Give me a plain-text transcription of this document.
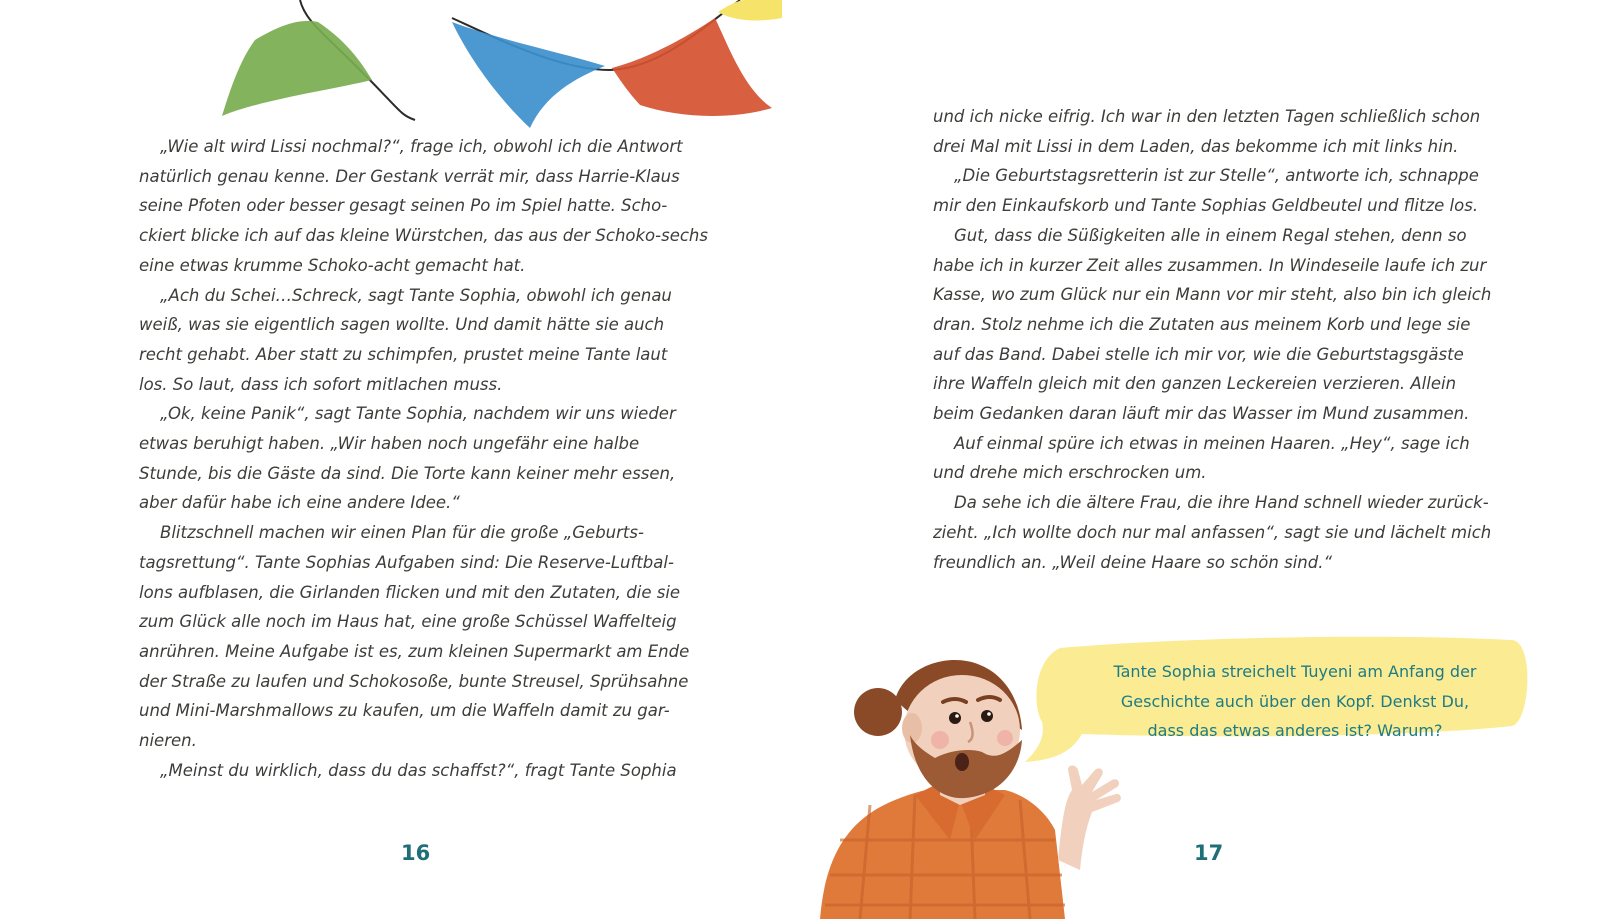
„Wie alt wird Lissi nochmal?“, frage ich, obwohl ich die Antwort
natürlich genau kenne. Der Gestank verrät mir, dass Harrie-Klaus
seine Pfoten oder besser gesagt seinen Po im Spiel hatte. Scho-
ckiert blicke ich auf das kleine Würstchen, das aus der Schoko-sechs
eine etwas krumme Schoko-acht gemacht hat.
„Ach du Schei…Schreck, sagt Tante Sophia, obwohl ich genau
weiß, was sie eigentlich sagen wollte. Und damit hätte sie auch
recht gehabt. Aber statt zu schimpfen, prustet meine Tante laut
los. So laut, dass ich sofort mitlachen muss.
„Ok, keine Panik“, sagt Tante Sophia, nachdem wir uns wieder
etwas beruhigt haben. „Wir haben noch ungefähr eine halbe
Stunde, bis die Gäste da sind. Die Torte kann keiner mehr essen,
aber dafür habe ich eine andere Idee.“
Blitzschnell machen wir einen Plan für die große „Geburts-
tagsrettung“. Tante Sophias Aufgaben sind: Die Reserve-Luftbal-
lons aufblasen, die Girlanden flicken und mit den Zutaten, die sie
zum Glück alle noch im Haus hat, eine große Schüssel Waffelteig
anrühren. Meine Aufgabe ist es, zum kleinen Supermarkt am Ende
der Straße zu laufen und Schokosoße, bunte Streusel, Sprühsahne
und Mini-Marshmallows zu kaufen, um die Waffeln damit zu gar-
nieren.
„Meinst du wirklich, dass du das schaffst?“, fragt Tante Sophia
16
und ich nicke eifrig. Ich war in den letzten Tagen schließlich schon
drei Mal mit Lissi in dem Laden, das bekomme ich mit links hin.
„Die Geburtstagsretterin ist zur Stelle“, antworte ich, schnappe
mir den Einkaufskorb und Tante Sophias Geldbeutel und flitze los.
Gut, dass die Süßigkeiten alle in einem Regal stehen, denn so
habe ich in kurzer Zeit alles zusammen. In Windeseile laufe ich zur
Kasse, wo zum Glück nur ein Mann vor mir steht, also bin ich gleich
dran. Stolz nehme ich die Zutaten aus meinem Korb und lege sie
auf das Band. Dabei stelle ich mir vor, wie die Geburtstagsgäste
ihre Waffeln gleich mit den ganzen Leckereien verzieren. Allein
beim Gedanken daran läuft mir das Wasser im Mund zusammen.
Auf einmal spüre ich etwas in meinen Haaren. „Hey“, sage ich
und drehe mich erschrocken um.
Da sehe ich die ältere Frau, die ihre Hand schnell wieder zurück-
zieht. „Ich wollte doch nur mal anfassen“, sagt sie und lächelt mich
freundlich an. „Weil deine Haare so schön sind.“
Tante Sophia streichelt Tuyeni am Anfang der
Geschichte auch über den Kopf. Denkst Du,
dass das etwas anderes ist? Warum?
17
